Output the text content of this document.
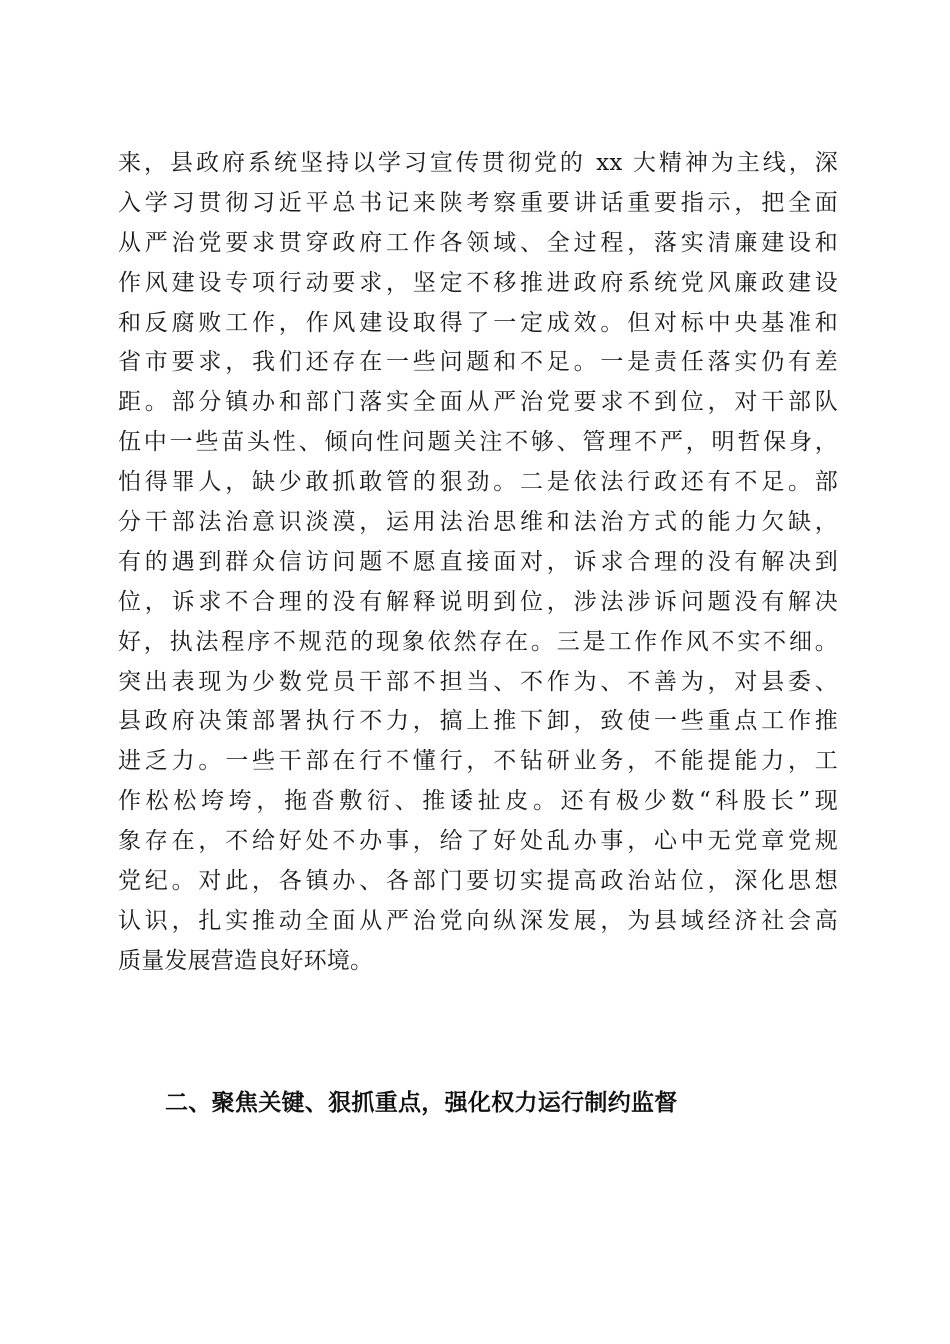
来，县政府系统坚持以学习宣传贯彻党的 xx 大精神为主线，深
入学习贯彻习近平总书记来陕考察重要讲话重要指示，把全面
从严治党要求贯穿政府工作各领域、全过程，落实清廉建设和
作风建设专项行动要求，坚定不移推进政府系统党风廉政建设
和反腐败工作，作风建设取得了一定成效。但对标中央基准和
省市要求，我们还存在一些问题和不足。一是责任落实仍有差
距。部分镇办和部门落实全面从严治党要求不到位，对干部队
伍中一些苗头性、倾向性问题关注不够、管理不严，明哲保身，
怕得罪人，缺少敢抓敢管的狠劲。二是依法行政还有不足。部
分干部法治意识淡漠，运用法治思维和法治方式的能力欠缺，
有的遇到群众信访问题不愿直接面对，诉求合理的没有解决到
位，诉求不合理的没有解释说明到位，涉法涉诉问题没有解决
好，执法程序不规范的现象依然存在。三是工作作风不实不细。
突出表现为少数党员干部不担当、不作为、不善为，对县委、
县政府决策部署执行不力，搞上推下卸，致使一些重点工作推
进乏力。一些干部在行不懂行，不钻研业务，不能提能力，工
作松松垮垮，拖沓敷衍、推诿扯皮。还有极少数“科股长”现
象存在，不给好处不办事，给了好处乱办事，心中无党章党规
党纪。对此，各镇办、各部门要切实提高政治站位，深化思想
认识，扎实推动全面从严治党向纵深发展，为县域经济社会高
质量发展营造良好环境。
二、聚焦关键、狠抓重点，强化权力运行制约监督
